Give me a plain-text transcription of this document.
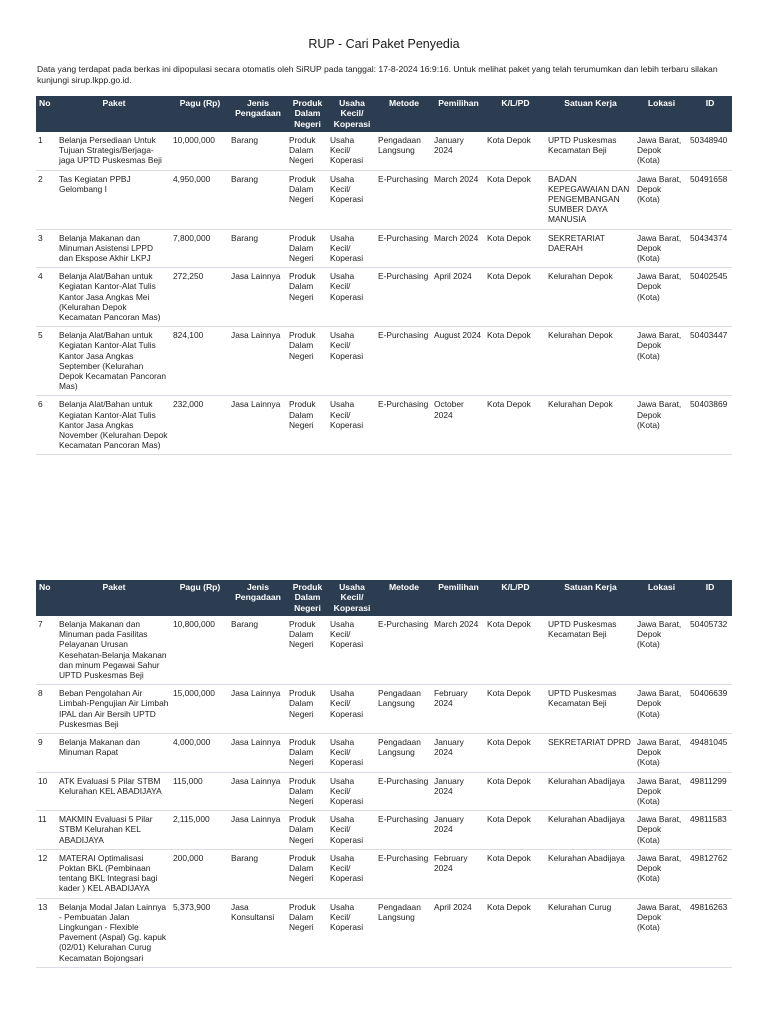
RUP - Cari Paket Penyedia
Data yang terdapat pada berkas ini dipopulasi secara otomatis oleh SiRUP pada tanggal: 17-8-2024 16:9:16. Untuk melihat paket yang telah terumumkan dan lebih terbaru silakan kunjungi sirup.lkpp.go.id.
No	Paket	Pagu (Rp)	Jenis Pengadaan	Produk Dalam Negeri	Usaha Kecil/ Koperasi	Metode	Pemilihan	K/L/PD	Satuan Kerja	Lokasi	ID
1	Belanja Persediaan Untuk Tujuan Strategis/Berjaga-jaga UPTD Puskesmas Beji	10,000,000	Barang	Produk Dalam Negeri	Usaha Kecil/ Koperasi	Pengadaan Langsung	January 2024	Kota Depok	UPTD Puskesmas Kecamatan Beji	Jawa Barat, Depok (Kota)	50348940
2	Tas Kegiatan PPBJ Gelombang I	4,950,000	Barang	Produk Dalam Negeri	Usaha Kecil/ Koperasi	E-Purchasing	March 2024	Kota Depok	BADAN KEPEGAWAIAN DAN PENGEMBANGAN SUMBER DAYA MANUSIA	Jawa Barat, Depok (Kota)	50491658
3	Belanja Makanan dan Minuman Asistensi LPPD dan Ekspose Akhir LKPJ	7,800,000	Barang	Produk Dalam Negeri	Usaha Kecil/ Koperasi	E-Purchasing	March 2024	Kota Depok	SEKRETARIAT DAERAH	Jawa Barat, Depok (Kota)	50434374
4	Belanja Alat/Bahan untuk Kegiatan Kantor-Alat Tulis Kantor Jasa Angkas Mei (Kelurahan Depok Kecamatan Pancoran Mas)	272,250	Jasa Lainnya	Produk Dalam Negeri	Usaha Kecil/ Koperasi	E-Purchasing	April 2024	Kota Depok	Kelurahan Depok	Jawa Barat, Depok (Kota)	50402545
5	Belanja Alat/Bahan untuk Kegiatan Kantor-Alat Tulis Kantor Jasa Angkas September (Kelurahan Depok Kecamatan Pancoran Mas)	824,100	Jasa Lainnya	Produk Dalam Negeri	Usaha Kecil/ Koperasi	E-Purchasing	August 2024	Kota Depok	Kelurahan Depok	Jawa Barat, Depok (Kota)	50403447
6	Belanja Alat/Bahan untuk Kegiatan Kantor-Alat Tulis Kantor Jasa Angkas November (Kelurahan Depok Kecamatan Pancoran Mas)	232,000	Jasa Lainnya	Produk Dalam Negeri	Usaha Kecil/ Koperasi	E-Purchasing	October 2024	Kota Depok	Kelurahan Depok	Jawa Barat, Depok (Kota)	50403869
No	Paket	Pagu (Rp)	Jenis Pengadaan	Produk Dalam Negeri	Usaha Kecil/ Koperasi	Metode	Pemilihan	K/L/PD	Satuan Kerja	Lokasi	ID
7	Belanja Makanan dan Minuman pada Fasilitas Pelayanan Urusan Kesehatan-Belanja Makanan dan minum Pegawai Sahur UPTD Puskesmas Beji	10,800,000	Barang	Produk Dalam Negeri	Usaha Kecil/ Koperasi	E-Purchasing	March 2024	Kota Depok	UPTD Puskesmas Kecamatan Beji	Jawa Barat, Depok (Kota)	50405732
8	Beban Pengolahan Air Limbah-Pengujian Air Limbah IPAL dan Air Bersih UPTD Puskesmas Beji	15,000,000	Jasa Lainnya	Produk Dalam Negeri	Usaha Kecil/ Koperasi	Pengadaan Langsung	February 2024	Kota Depok	UPTD Puskesmas Kecamatan Beji	Jawa Barat, Depok (Kota)	50406639
9	Belanja Makanan dan Minuman Rapat	4,000,000	Jasa Lainnya	Produk Dalam Negeri	Usaha Kecil/ Koperasi	Pengadaan Langsung	January 2024	Kota Depok	SEKRETARIAT DPRD	Jawa Barat, Depok (Kota)	49481045
10	ATK Evaluasi 5 Pilar STBM Kelurahan KEL ABADIJAYA	115,000	Jasa Lainnya	Produk Dalam Negeri	Usaha Kecil/ Koperasi	E-Purchasing	January 2024	Kota Depok	Kelurahan Abadijaya	Jawa Barat, Depok (Kota)	49811299
11	MAKMIN Evaluasi 5 Pilar STBM Kelurahan KEL ABADIJAYA	2,115,000	Jasa Lainnya	Produk Dalam Negeri	Usaha Kecil/ Koperasi	E-Purchasing	January 2024	Kota Depok	Kelurahan Abadijaya	Jawa Barat, Depok (Kota)	49811583
12	MATERAI Optimalisasi Poktan BKL (Pembinaan tentang BKL Integrasi bagi kader ) KEL ABADIJAYA	200,000	Barang	Produk Dalam Negeri	Usaha Kecil/ Koperasi	E-Purchasing	February 2024	Kota Depok	Kelurahan Abadijaya	Jawa Barat, Depok (Kota)	49812762
13	Belanja Modal Jalan Lainnya - Pembuatan Jalan Lingkungan - Flexible Pavement (Aspal) Gg. kapuk (02/01) Kelurahan Curug Kecamatan Bojongsari	5,373,900	Jasa Konsultansi	Produk Dalam Negeri	Usaha Kecil/ Koperasi	Pengadaan Langsung	April 2024	Kota Depok	Kelurahan Curug	Jawa Barat, Depok (Kota)	49816263
